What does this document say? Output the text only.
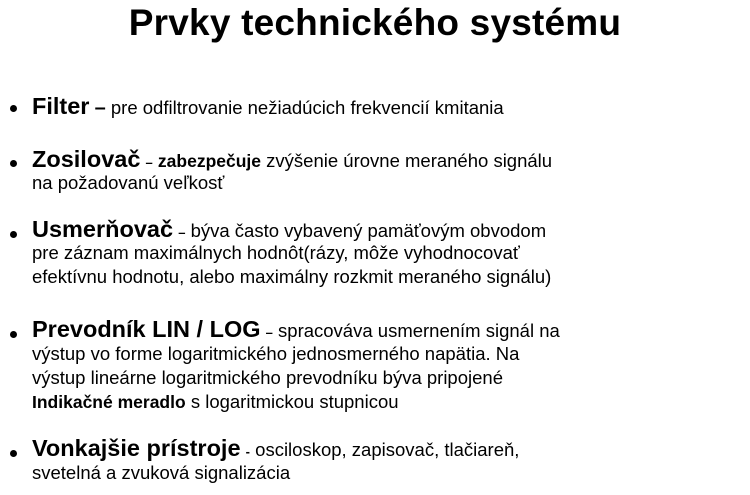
Prvky technického systému
Filter – pre odfiltrovanie nežiadúcich frekvencií kmitania
Zosilovač – zabezpečuje zvýšenie úrovne meraného signálu
na požadovanú veľkosť
Usmerňovač – býva často vybavený pamäťovým obvodom
pre záznam maximálnych hodnôt(rázy, môže vyhodnocovať
efektívnu hodnotu, alebo maximálny rozkmit meraného signálu)
Prevodník LIN / LOG – spracováva usmernením signál na
výstup vo forme logaritmického jednosmerného napätia. Na
výstup lineárne logaritmického prevodníku býva pripojené
Indikačné meradlo s logaritmickou stupnicou
Vonkajšie prístroje - osciloskop, zapisovač, tlačiareň,
svetelná a zvuková signalizácia
